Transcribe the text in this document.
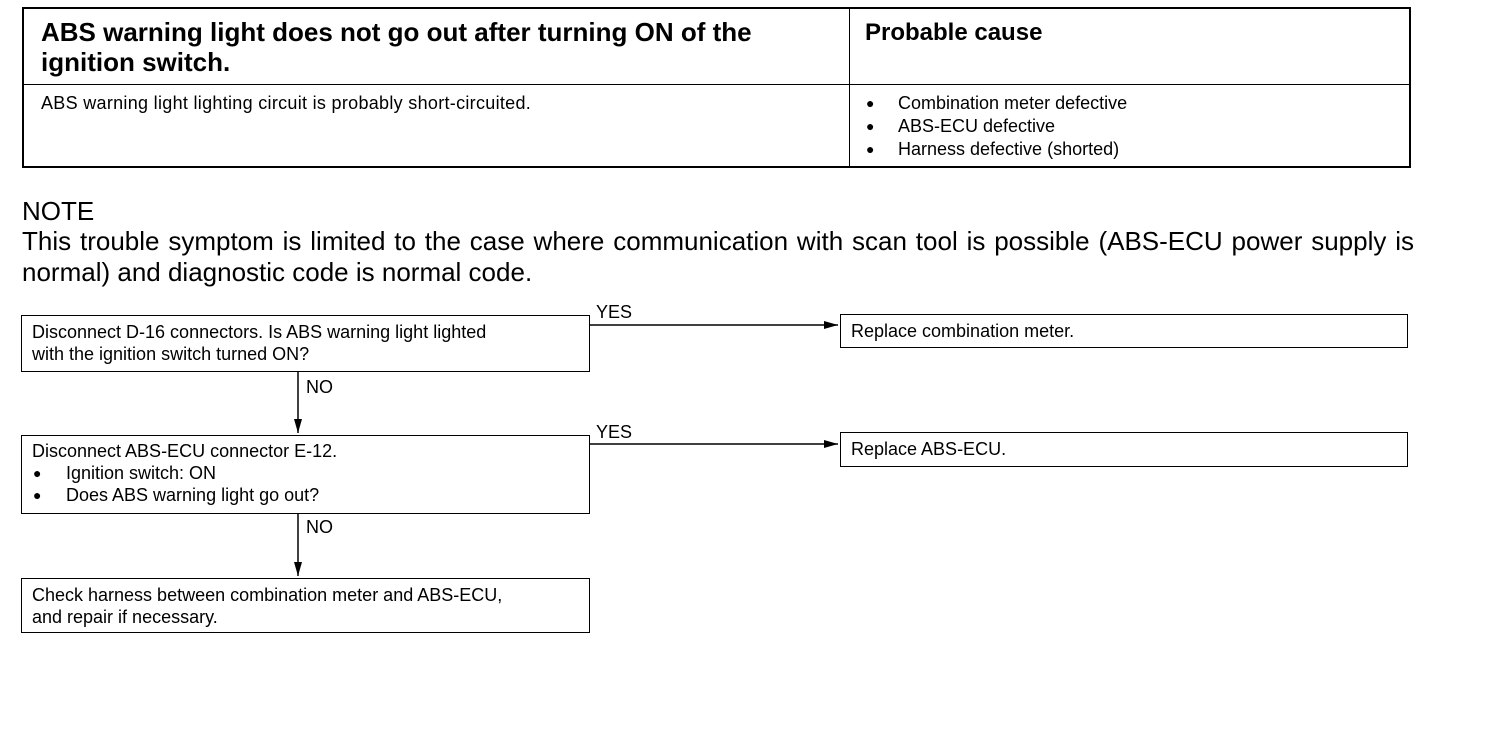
ABS warning light does not go out after turning ON of the ignition switch.
Probable cause
ABS warning light lighting circuit is probably short-circuited.	● Combination meter defective
● ABS-ECU defective
● Harness defective (shorted)
NOTE
This trouble symptom is limited to the case where communication with scan tool is possible (ABS-ECU power supply is normal) and diagnostic code is normal code.
Disconnect D-16 connectors. Is ABS warning light lighted
with the ignition switch turned ON?
YES
NO
Replace combination meter.
Disconnect ABS-ECU connector E-12.
● Ignition switch: ON
● Does ABS warning light go out?
YES
NO
Replace ABS-ECU.
Check harness between combination meter and ABS-ECU,
and repair if necessary.
